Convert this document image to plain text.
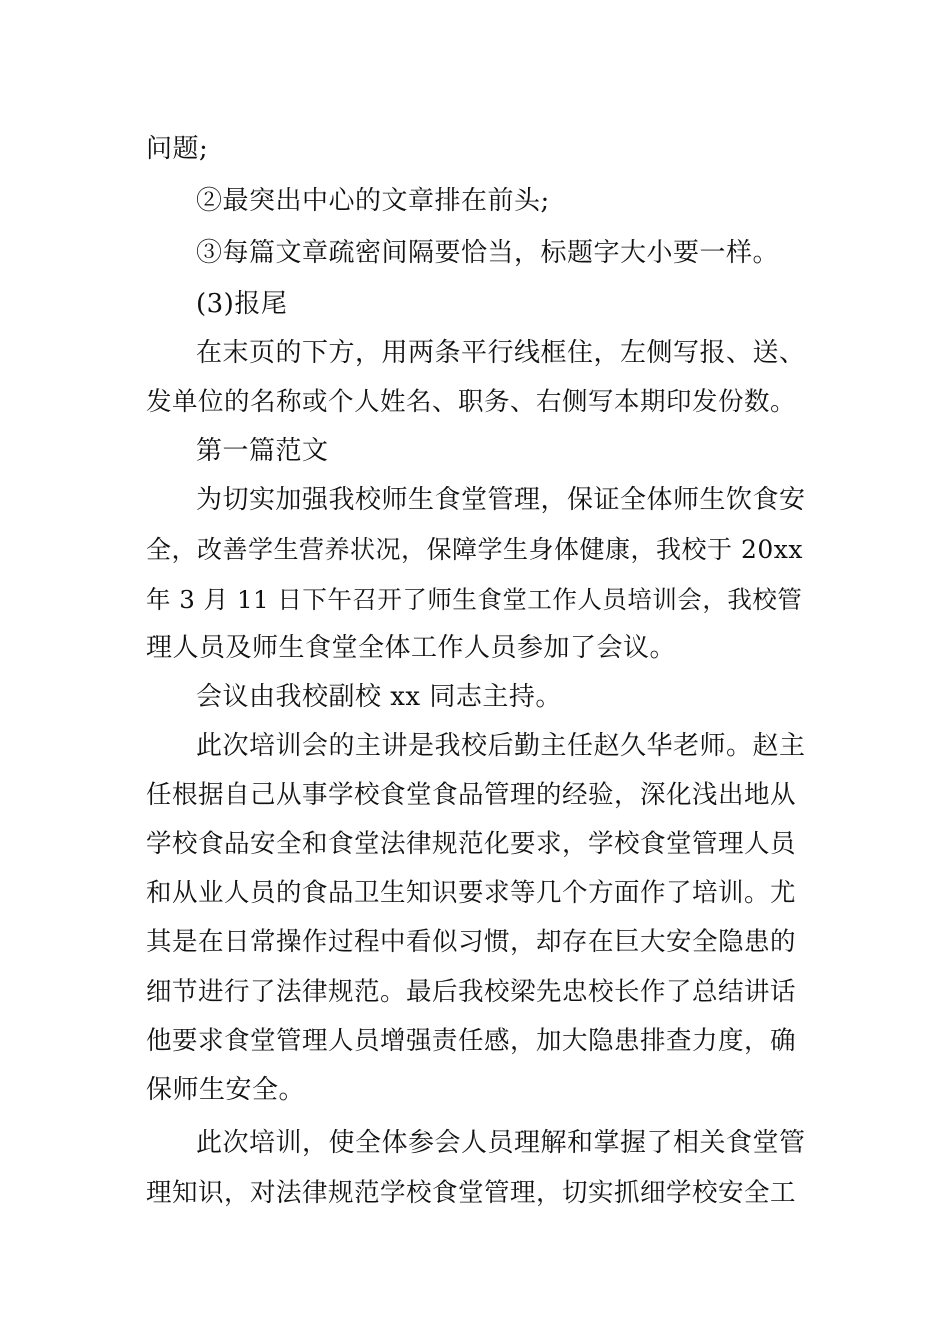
问题;
②最突出中心的文章排在前头;
③每篇文章疏密间隔要恰当，标题字大小要一样。
(3)报尾
在末页的下方，用两条平行线框住，左侧写报、送、
发单位的名称或个人姓名、职务、右侧写本期印发份数。
第一篇范文
为切实加强我校师生食堂管理，保证全体师生饮食安
全，改善学生营养状况，保障学生身体健康，我校于 20xx
年 3 月 11 日下午召开了师生食堂工作人员培训会，我校管
理人员及师生食堂全体工作人员参加了会议。
会议由我校副校 xx 同志主持。
此次培训会的主讲是我校后勤主任赵久华老师。赵主
任根据自己从事学校食堂食品管理的经验，深化浅出地从
学校食品安全和食堂法律规范化要求，学校食堂管理人员
和从业人员的食品卫生知识要求等几个方面作了培训。尤
其是在日常操作过程中看似习惯，却存在巨大安全隐患的
细节进行了法律规范。最后我校梁先忠校长作了总结讲话
他要求食堂管理人员增强责任感，加大隐患排查力度，确
保师生安全。
此次培训，使全体参会人员理解和掌握了相关食堂管
理知识，对法律规范学校食堂管理，切实抓细学校安全工
